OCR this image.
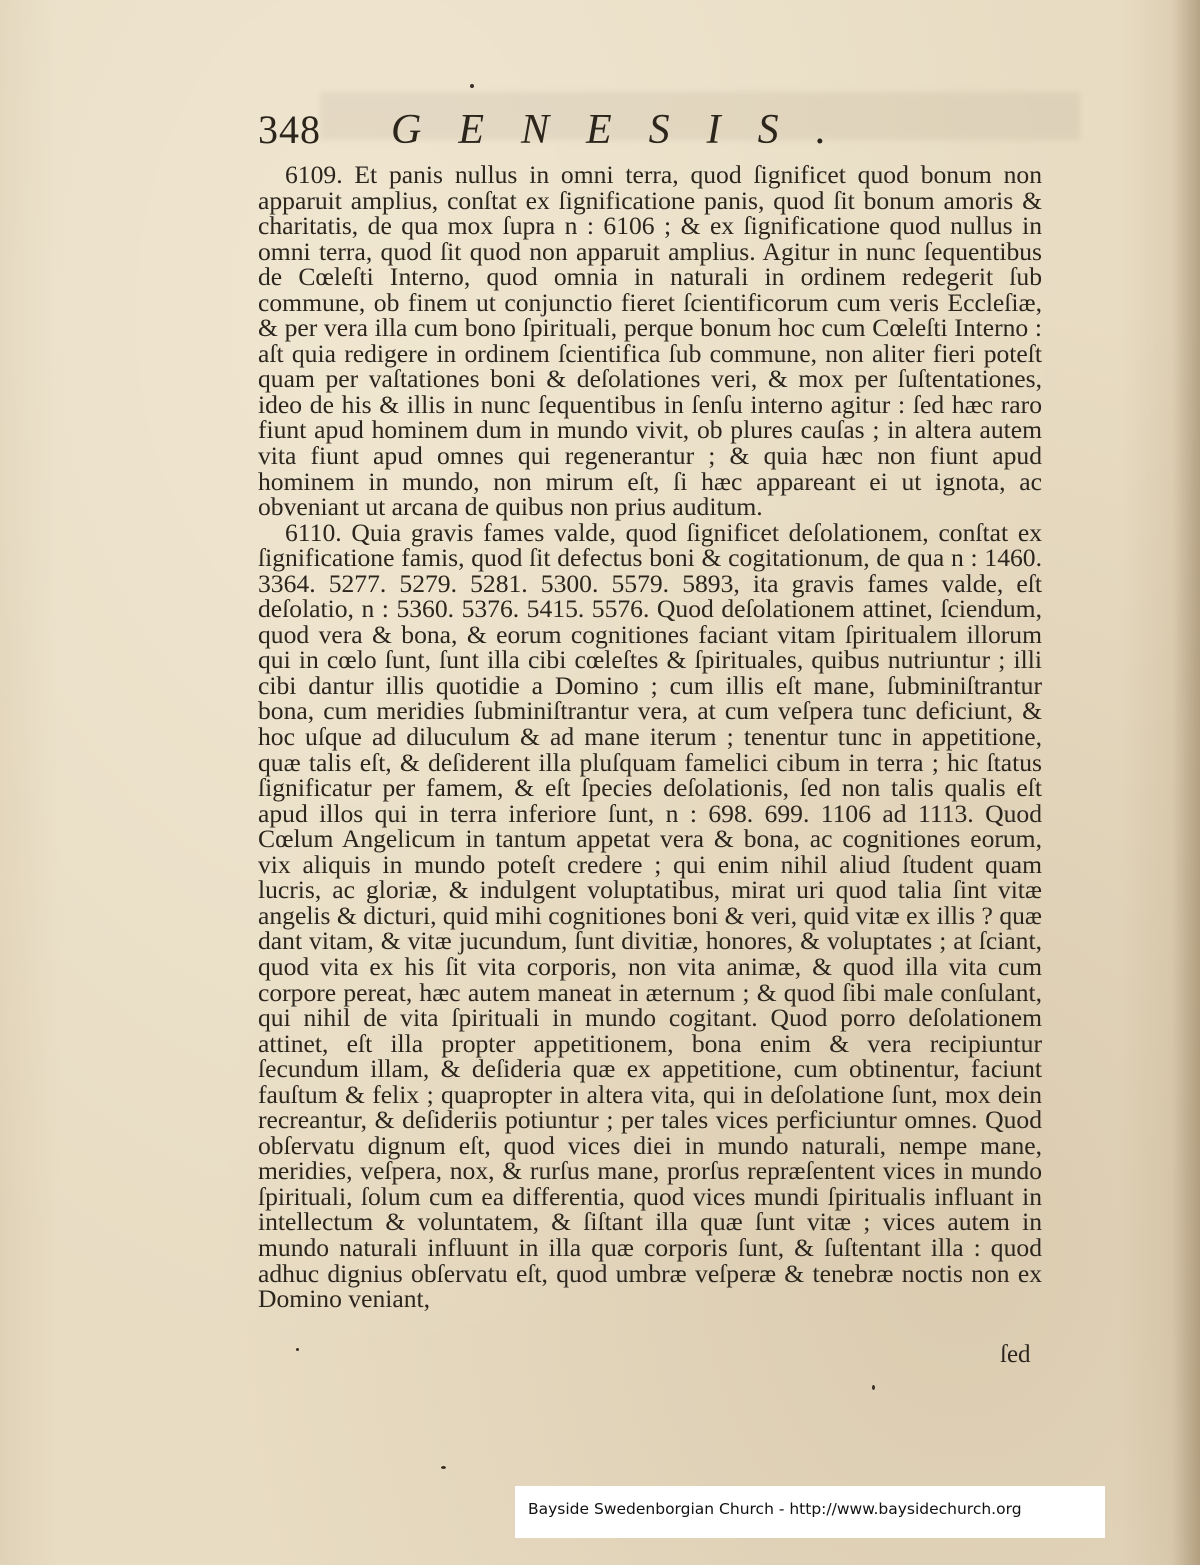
348 GENESIS.

6109. Et panis nullus in omni terra, quod ſignificet quod bonum non apparuit amplius, conſtat ex ſignificatione panis, quod ſit bonum amoris & charitatis, de qua mox ſupra n : 6106 ; & ex ſignificatione quod nullus in omni terra, quod ſit quod non apparuit amplius. Agitur in nunc ſequentibus de Cœleſti Interno, quod omnia in naturali in ordinem redegerit ſub commune, ob finem ut conjunctio fieret ſcientificorum cum veris Eccleſiæ, & per vera illa cum bono ſpirituali, perque bonum hoc cum Cœleſti Interno : aſt quia redigere in ordinem ſcientifica ſub commune, non aliter fieri poteſt quam per vaſtationes boni & deſolationes veri, & mox per ſuſtentationes, ideo de his & illis in nunc ſequentibus in ſenſu interno agitur : ſed hæc raro fiunt apud hominem dum in mundo vivit, ob plures cauſas ; in altera autem vita fiunt apud omnes qui regenerantur ; & quia hæc non fiunt apud hominem in mundo, non mirum eſt, ſi hæc appareant ei ut ignota, ac obveniant ut arcana de quibus non prius auditum.

6110. Quia gravis fames valde, quod ſignificet deſolationem, conſtat ex ſignificatione famis, quod ſit defectus boni & cogitationum, de qua n : 1460. 3364. 5277. 5279. 5281. 5300. 5579. 5893, ita gravis fames valde, eſt deſolatio, n : 5360. 5376. 5415. 5576. Quod deſolationem attinet, ſciendum, quod vera & bona, & eorum cognitiones faciant vitam ſpiritualem illorum qui in cœlo ſunt, ſunt illa cibi cœleſtes & ſpirituales, quibus nutriuntur ; illi cibi dantur illis quotidie a Domino ; cum illis eſt mane, ſubminiſtrantur bona, cum meridies ſubminiſtrantur vera, at cum veſpera tunc deficiunt, & hoc uſque ad diluculum & ad mane iterum ; tenentur tunc in appetitione, quæ talis eſt, & deſiderent illa pluſquam famelici cibum in terra ; hic ſtatus ſignificatur per famem, & eſt ſpecies deſolationis, ſed non talis qualis eſt apud illos qui in terra inferiore ſunt, n : 698. 699. 1106 ad 1113. Quod Cœlum Angelicum in tantum appetat vera & bona, ac cognitiones eorum, vix aliquis in mundo poteſt credere ; qui enim nihil aliud ſtudent quam lucris, ac gloriæ, & indulgent voluptatibus, mirat uri quod talia ſint vitæ angelis & dicturi, quid mihi cognitiones boni & veri, quid vitæ ex illis ? quæ dant vitam, & vitæ jucundum, ſunt divitiæ, honores, & voluptates ; at ſciant, quod vita ex his ſit vita corporis, non vita animæ, & quod illa vita cum corpore pereat, hæc autem maneat in æternum ; & quod ſibi male conſulant, qui nihil de vita ſpirituali in mundo cogitant. Quod porro deſolationem attinet, eſt illa propter appetitionem, bona enim & vera recipiuntur ſecundum illam, & deſideria quæ ex appetitione, cum obtinentur, faciunt fauſtum & felix ; quapropter in altera vita, qui in deſolatione ſunt, mox dein recreantur, & deſideriis potiuntur ; per tales vices perficiuntur omnes. Quod obſervatu dignum eſt, quod vices diei in mundo naturali, nempe mane, meridies, veſpera, nox, & rurſus mane, prorſus repræſentent vices in mundo ſpirituali, ſolum cum ea differentia, quod vices mundi ſpiritualis influant in intellectum & voluntatem, & ſiſtant illa quæ ſunt vitæ ; vices autem in mundo naturali influunt in illa quæ corporis ſunt, & ſuſtentant illa : quod adhuc dignius obſervatu eſt, quod umbræ veſperæ & tenebræ noctis non ex Domino veniant,

ſed
Bayside Swedenborgian Church - http://www.baysidechurch.org
